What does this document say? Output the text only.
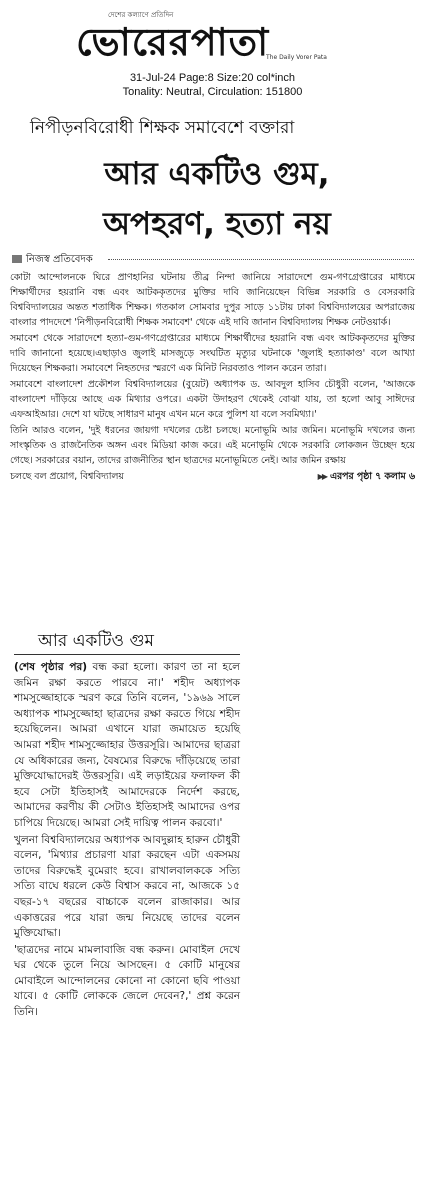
দেশের কল্যাণে প্রতিদিন
ভোরেরপাতা
The Daily Vorer Pata
31-Jul-24 Page:8 Size:20 col*inch
Tonality: Neutral, Circulation: 151800
নিপীড়নবিরোধী শিক্ষক সমাবেশে বক্তারা
আর একটিও গুম,
অপহরণ, হত্যা নয়
নিজস্ব প্রতিবেদক

কোটা আন্দোলনকে ঘিরে প্রাণহানির ঘটনায় তীব্র নিন্দা জানিয়ে সারাদেশে গুম-গণগ্রেপ্তারের মাধ্যমে শিক্ষার্থীদের হয়রানি বন্ধ এবং আটককৃতদের মুক্তির দাবি জানিয়েছেন বিভিন্ন সরকারি ও বেসরকারি বিশ্ববিদ্যালয়ের অন্তত শতাধিক শিক্ষক। গতকাল সোমবার দুপুর সাড়ে ১১টায় ঢাকা বিশ্ববিদ্যালয়ের অপরাজেয় বাংলার পাদদেশে 'নিপীড়নবিরোধী শিক্ষক সমাবেশ' থেকে এই দাবি জানান বিশ্ববিদ্যালয় শিক্ষক নেটওয়ার্ক।

সমাবেশ থেকে সারাদেশে হত্যা-গুম-গণগ্রেপ্তারের মাধ্যমে শিক্ষার্থীদের হয়রানি বন্ধ এবং আটককৃতদের মুক্তির দাবি জানানো হয়েছে।এছাড়াও জুলাই মাসজুড়ে সংঘটিত মৃত্যুর ঘটনাকে 'জুলাই হত্যাকাণ্ড' বলে আখ্যা দিয়েছেন শিক্ষকরা। সমাবেশে নিহতদের স্মরণে এক মিনিট নিরবতাও পালন করেন তারা।

সমাবেশে বাংলাদেশ প্রকৌশল বিশ্ববিদ্যালয়ের (বুয়েট) অধ্যাপক ড. আবদুল হাসিব চৌধুরী বলেন, 'আজকে বাংলাদেশ দাঁড়িয়ে আছে এক মিথ্যার ওপরে। একটা উদাহরণ থেকেই বোঝা যায়, তা হলো আবু সাঈদের এফআইআর। দেশে যা ঘটছে সাধারণ মানুষ এখন মনে করে পুলিশ যা বলে সবমিথ্যা।'

তিনি আরও বলেন, 'দুই ধরনের জায়গা দখলের চেষ্টা চলছে। মনোভূমি আর জমিন। মনোভূমি দখলের জন্য সাংস্কৃতিক ও রাজনৈতিক অঙ্গন এবং মিডিয়া কাজ করে। এই মনোভূমি থেকে সরকারি লোকজন উচ্ছেদ হয়ে গেছে। সরকারের বয়ান, তাদের রাজনীতির স্থান ছাত্রদের মনোভূমিতে নেই। আর জমিন রক্ষায়

চলছে বল প্রয়োগ, বিশ্ববিদ্যালয়	▶▶ এরপর পৃষ্ঠা ৭ কলাম ৬
আর একটিও গুম

(শেষ পৃষ্ঠার পর) বন্ধ করা হলো। কারণ তা না হলে জমিন রক্ষা করতে পারবে না।' শহীদ অধ্যাপক শামসুজ্জোহাকে স্মরণ করে তিনি বলেন, '১৯৬৯ সালে অধ্যাপক শামসুজ্জোহা ছাত্রদের রক্ষা করতে গিয়ে শহীদ হয়েছিলেন। আমরা এখানে যারা জমায়েত হয়েছি আমরা শহীদ শামসুজ্জোহার উত্তরসূরি। আমাদের ছাত্ররা যে অধিকারের জন্য, বৈষম্যের বিরুদ্ধে দাঁড়িয়েছে তারা মুক্তিযোদ্ধাদেরই উত্তরসূরি। এই লড়াইয়ের ফলাফল কী হবে সেটা ইতিহাসই আমাদেরকে নির্দেশ করছে, আমাদের করণীয় কী সেটাও ইতিহাসই আমাদের ওপর চাপিয়ে দিয়েছে। আমরা সেই দায়িত্ব পালন করবো।'

খুলনা বিশ্ববিদ্যালয়ের অধ্যাপক আবদুল্লাহ হারুন চৌধুরী বলেন, 'মিথ্যার প্রচারণা যারা করছেন এটা একসময় তাদের বিরুদ্ধেই বুমেরাং হবে। রাখালবালককে সত্যি সত্যি বাঘে ধরলে কেউ বিশ্বাস করবে না, আজকে ১৫ বছর-১৭ বছরের বাচ্চাকে বলেন রাজাকার। আর একাত্তরের পরে যারা জন্ম নিয়েছে তাদের বলেন মুক্তিযোদ্ধা।

'ছাত্রদের নামে মামলাবাজি বন্ধ করুন। মোবাইল দেখে ঘর থেকে তুলে নিয়ে আসছেন। ৫ কোটি মানুষের মোবাইলে আন্দোলনের কোনো না কোনো ছবি পাওয়া যাবে। ৫ কোটি লোককে জেলে দেবেন?,' প্রশ্ন করেন তিনি।
